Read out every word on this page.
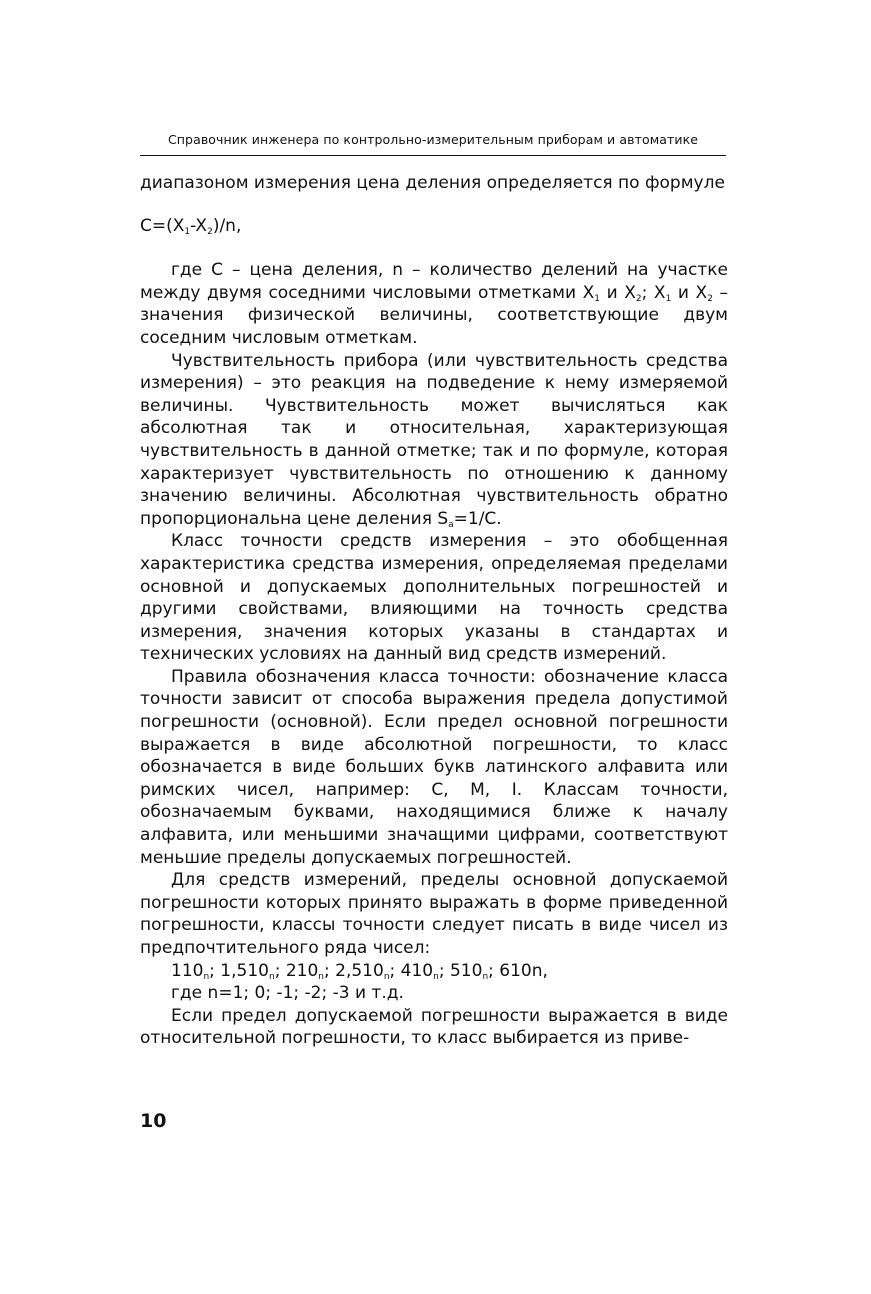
Справочник инженера по контрольно-измерительным приборам и автоматике

диапазоном измерения цена деления определяется по формуле

$C=(X_1-X_2)/n$,

где C – цена деления, n – количество делений на участке между двумя соседними числовыми отметками $X_1$ и $X_2$; $X_1$ и $X_2$ – значения физической величины, соответствующие двум соседним числовым отметкам.

Чувствительность прибора (или чувствительность средства измерения) – это реакция на подведение к нему измеряемой величины. Чувствительность может вычисляться как абсолютная так и относительная, характеризующая чувствительность в данной отметке; так и по формуле, которая характеризует чувствительность по отношению к данному значению величины. Абсолютная чувствительность обратно пропорциональна цене деления $S_a=1/C$.

Класс точности средств измерения – это обобщенная характеристика средства измерения, определяемая пределами основной и допускаемых дополнительных погрешностей и другими свойствами, влияющими на точность средства измерения, значения которых указаны в стандартах и технических условиях на данный вид средств измерений.

Правила обозначения класса точности: обозначение класса точности зависит от способа выражения предела допустимой погрешности (основной). Если предел основной погрешности выражается в виде абсолютной погрешности, то класс обозначается в виде больших букв латинского алфавита или римских чисел, например: C, M, I. Классам точности, обозначаемым буквами, находящимися ближе к началу алфавита, или меньшими значащими цифрами, соответствуют меньшие пределы допускаемых погрешностей.

Для средств измерений, пределы основной допускаемой погрешности которых принято выражать в форме приведенной погрешности, классы точности следует писать в виде чисел из предпочтительного ряда чисел:

$110_n$; $1,510_n$; $210_n$; $2,510_n$; $410_n$; $510_n$; 610n,

где n=1; 0; -1; -2; -3 и т.д.

Если предел допускаемой погрешности выражается в виде относительной погрешности, то класс выбирается из приве-

10
